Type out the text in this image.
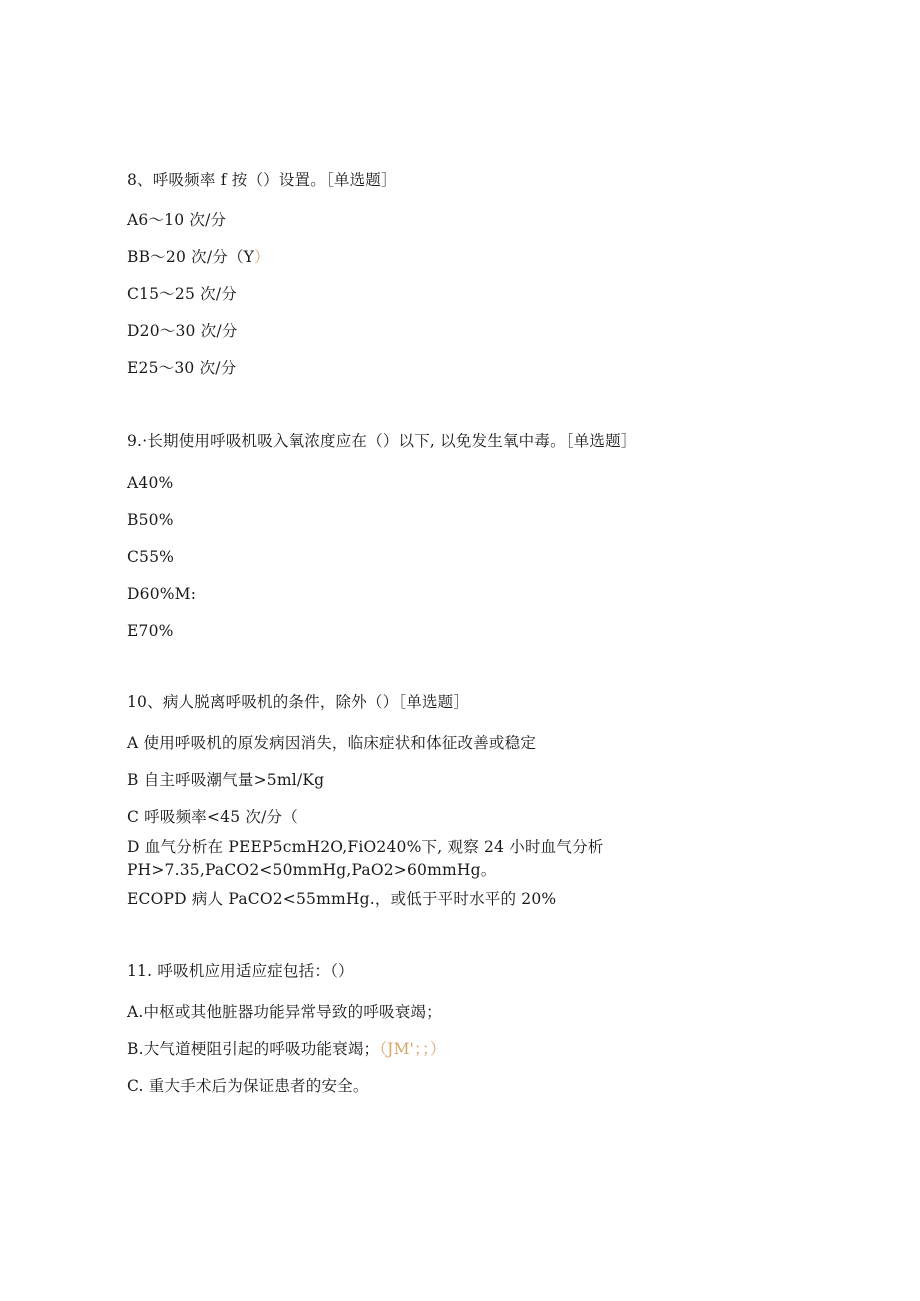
8、呼吸频率 f 按（）设置。［单选题］
A6～10 次/分
BB～20 次/分（Y）
C15～25 次/分
D20～30 次/分
E25～30 次/分
9.·长期使用呼吸机吸入氧浓度应在（）以下, 以免发生氧中毒。［单选题］
A40%
B50%
C55%
D60%M:
E70%
10、病人脱离呼吸机的条件，除外（）［单选题］
A 使用呼吸机的原发病因消失，临床症状和体征改善或稳定
B 自主呼吸潮气量>5ml/Kg
C 呼吸频率<45 次/分（
D 血气分析在 PEEP5cmH2O,FiO240%下, 观察 24 小时血气分析
PH>7.35,PaCO2<50mmHg,PaO2>60mmHg。
ECOPD 病人 PaCO2<55mmHg.，或低于平时水平的 20%
11. 呼吸机应用适应症包括：（）
A.中枢或其他脏器功能异常导致的呼吸衰竭；
B.大气道梗阻引起的呼吸功能衰竭；（JM'；；）
C. 重大手术后为保证患者的安全。
